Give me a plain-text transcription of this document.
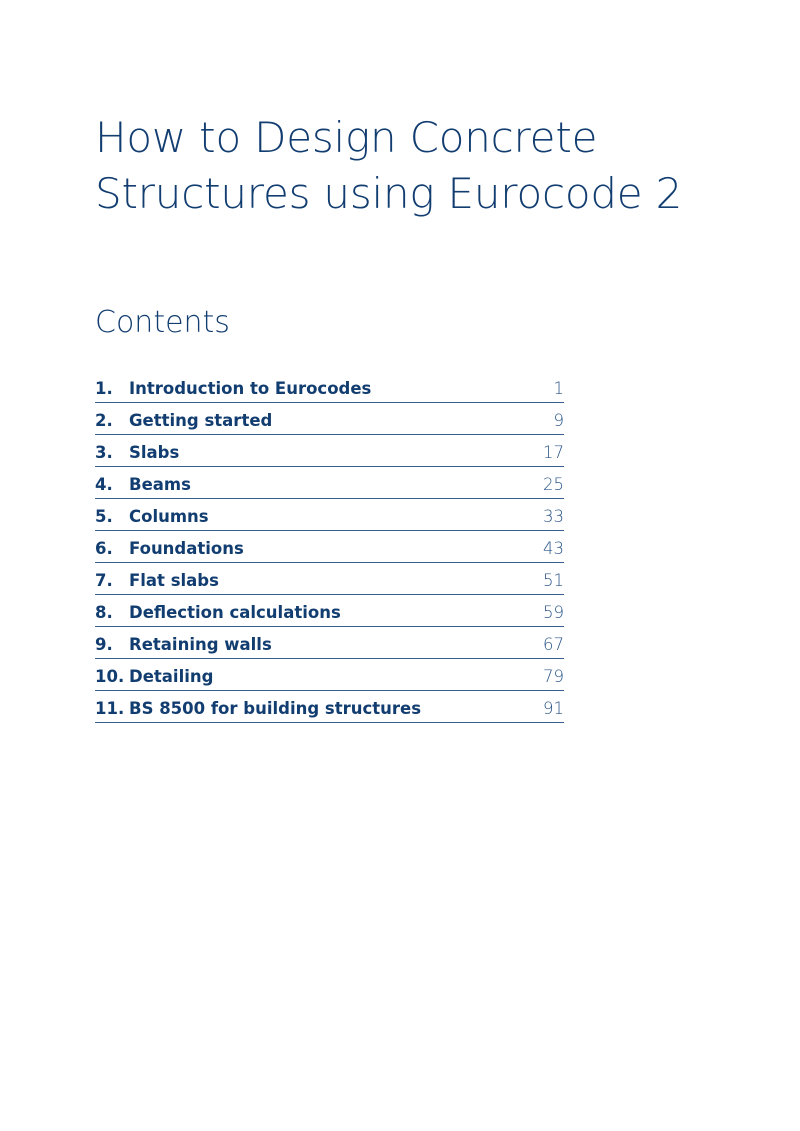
How to Design Concrete
Structures using Eurocode 2
Contents
1. Introduction to Eurocodes	1
2. Getting started	9
3. Slabs	17
4. Beams	25
5. Columns	33
6. Foundations	43
7. Flat slabs	51
8. Deflection calculations	59
9. Retaining walls	67
10. Detailing	79
11. BS 8500 for building structures	91
